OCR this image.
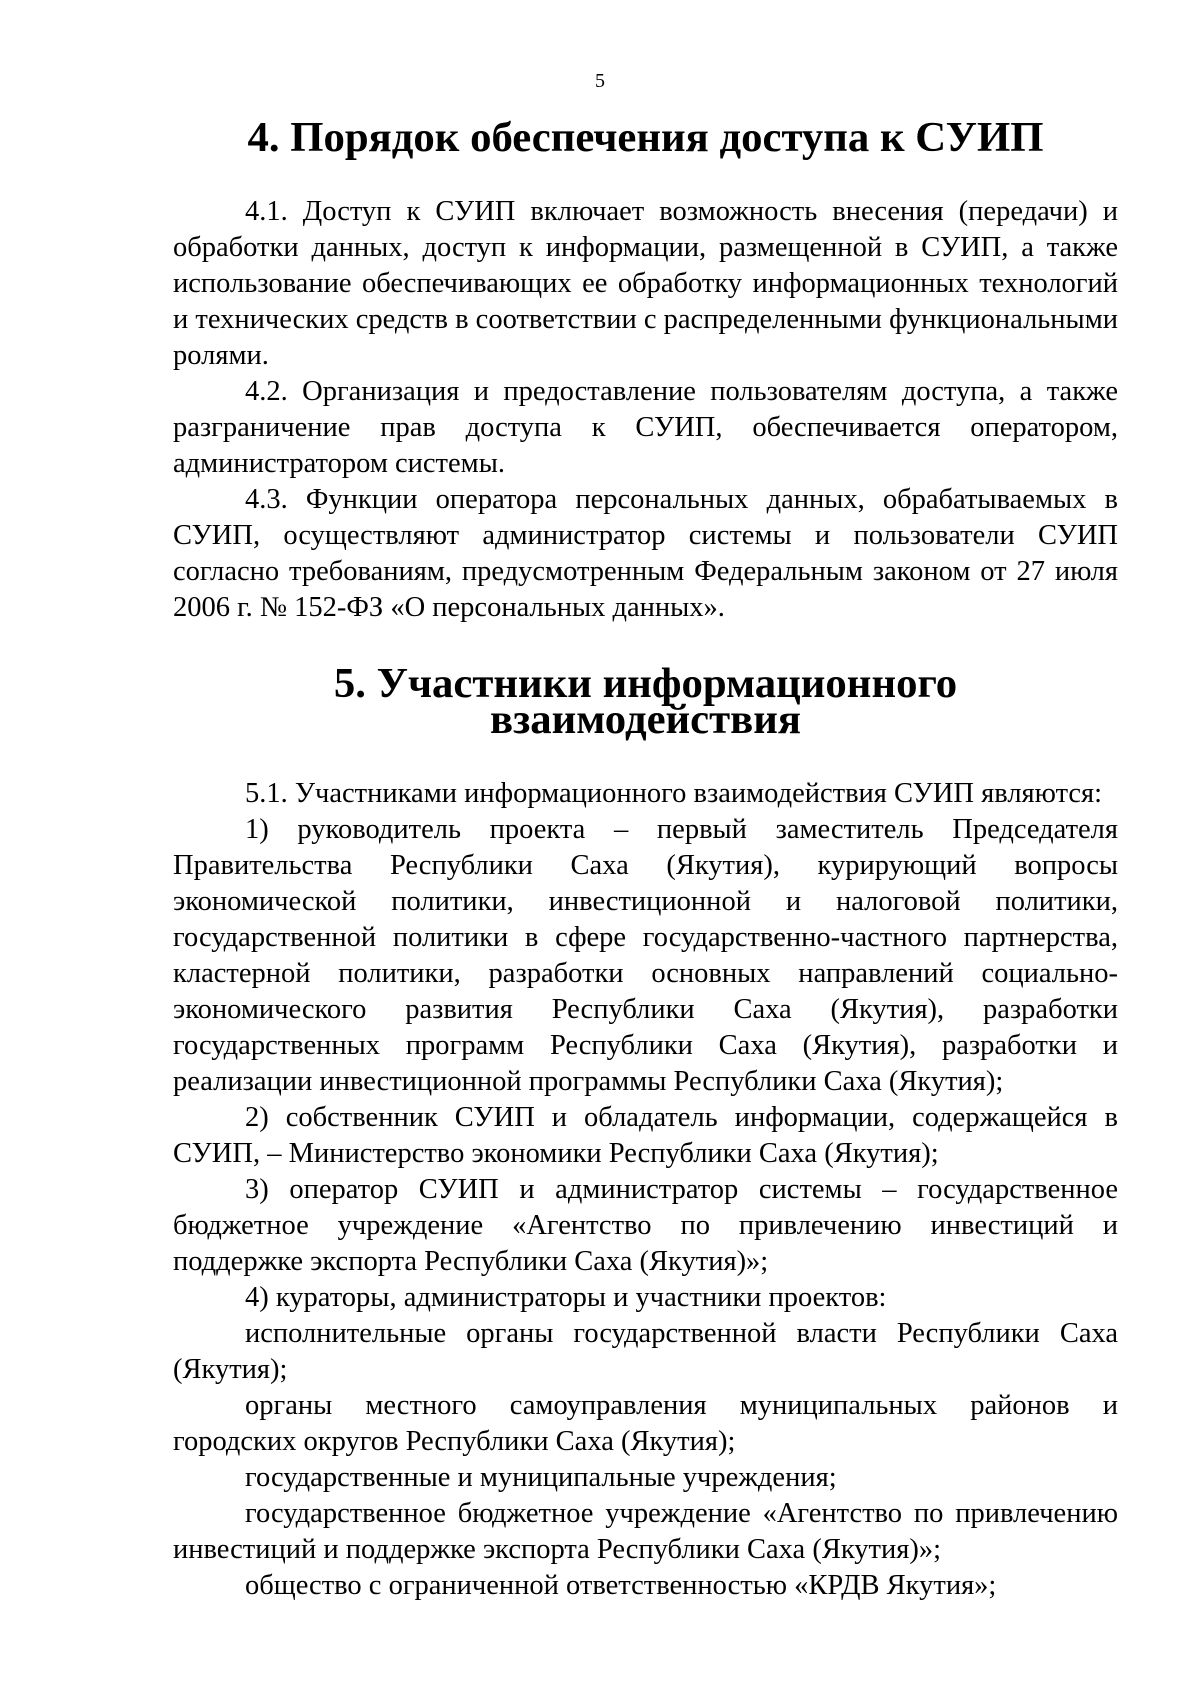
5
4. Порядок обеспечения доступа к СУИП

4.1. Доступ к СУИП включает возможность внесения (передачи) и обработки данных, доступ к информации, размещенной в СУИП, а также использование обеспечивающих ее обработку информационных технологий и технических средств в соответствии с распределенными функциональными ролями.

4.2. Организация и предоставление пользователям доступа, а также разграничение прав доступа к СУИП, обеспечивается оператором, администратором системы.

4.3. Функции оператора персональных данных, обрабатываемых в СУИП, осуществляют администратор системы и пользователи СУИП согласно требованиям, предусмотренным Федеральным законом от 27 июля 2006 г. № 152-ФЗ «О персональных данных».

5. Участники информационного взаимодействия

5.1. Участниками информационного взаимодействия СУИП являются:

1) руководитель проекта – первый заместитель Председателя Правительства Республики Саха (Якутия), курирующий вопросы экономической политики, инвестиционной и налоговой политики, государственной политики в сфере государственно-частного партнерства, кластерной политики, разработки основных направлений социально-экономического развития Республики Саха (Якутия), разработки государственных программ Республики Саха (Якутия), разработки и реализации инвестиционной программы Республики Саха (Якутия);

2) собственник СУИП и обладатель информации, содержащейся в СУИП, – Министерство экономики Республики Саха (Якутия);

3) оператор СУИП и администратор системы – государственное бюджетное учреждение «Агентство по привлечению инвестиций и поддержке экспорта Республики Саха (Якутия)»;

4) кураторы, администраторы и участники проектов:

исполнительные органы государственной власти Республики Саха (Якутия);

органы местного самоуправления муниципальных районов и городских округов Республики Саха (Якутия);

государственные и муниципальные учреждения;

государственное бюджетное учреждение «Агентство по привлечению инвестиций и поддержке экспорта Республики Саха (Якутия)»;

общество с ограниченной ответственностью «КРДВ Якутия»;
